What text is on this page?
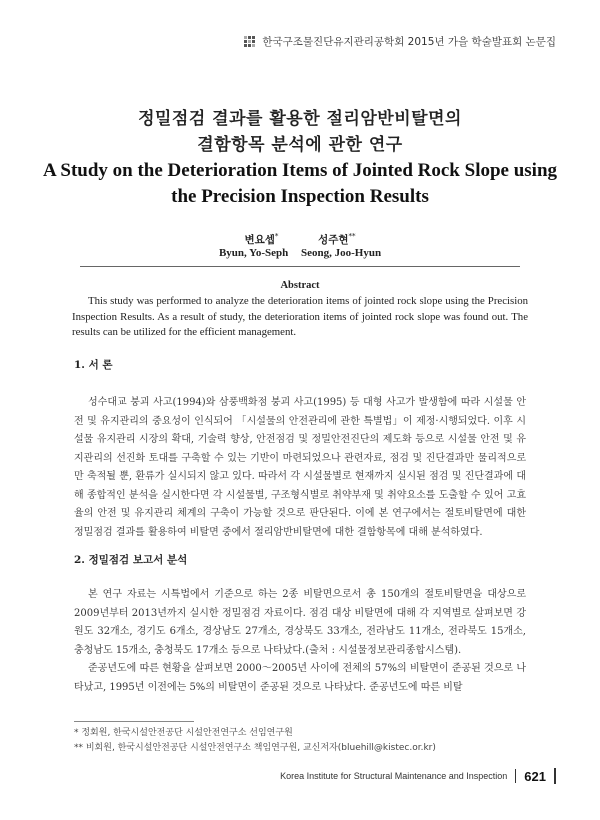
한국구조물진단유지관리공학회 2015년 가을 학술발표회 논문집
정밀점검 결과를 활용한 절리암반비탈면의
결함항목 분석에 관한 연구
A Study on the Deterioration Items of Jointed Rock Slope using the Precision Inspection Results
변요셉*	성주현**
Byun, Yo-Seph Seong, Joo-Hyun
Abstract
This study was performed to analyze the deterioration items of jointed rock slope using the Precision Inspection Results. As a result of study, the deterioration items of jointed rock slope was found out. The results can be utilized for the efficient management.
1. 서 론

성수대교 붕괴 사고(1994)와 삼풍백화점 붕괴 사고(1995) 등 대형 사고가 발생함에 따라 시설물 안전 및 유지관리의 중요성이 인식되어 「시설물의 안전관리에 관한 특별법」이 제정·시행되었다. 이후 시설물 유지관리 시장의 확대, 기술력 향상, 안전점검 및 정밀안전진단의 제도화 등으로 시설물 안전 및 유지관리의 선진화 토대를 구축할 수 있는 기반이 마련되었으나 관련자료, 점검 및 진단결과만 물리적으로만 축적될 뿐, 환류가 실시되지 않고 있다. 따라서 각 시설물별로 현재까지 실시된 점검 및 진단결과에 대해 종합적인 분석을 실시한다면 각 시설물별, 구조형식별로 취약부재 및 취약요소를 도출할 수 있어 고효율의 안전 및 유지관리 체계의 구축이 가능할 것으로 판단된다. 이에 본 연구에서는 절토비탈면에 대한 정밀점검 결과를 활용하여 비탈면 중에서 절리암반비탈면에 대한 결함항목에 대해 분석하였다.

2. 정밀점검 보고서 분석

본 연구 자료는 시특법에서 기준으로 하는 2종 비탈면으로서 총 150개의 절토비탈면을 대상으로 2009년부터 2013년까지 실시한 정밀점검 자료이다. 점검 대상 비탈면에 대해 각 지역별로 살펴보면 강원도 32개소, 경기도 6개소, 경상남도 27개소, 경상북도 33개소, 전라남도 11개소, 전라북도 15개소, 충청남도 15개소, 충청북도 17개소 등으로 나타났다.(출처 : 시설물정보관리종합시스템).

준공년도에 따른 현황을 살펴보면 2000～2005년 사이에 전체의 57%의 비탈면이 준공된 것으로 나타났고, 1995년 이전에는 5%의 비탈면이 준공된 것으로 나타났다. 준공년도에 따른 비탈

* 정회원, 한국시설안전공단 시설안전연구소 선임연구원
** 비회원, 한국시설안전공단 시설안전연구소 책임연구원, 교신저자(bluehill@kistec.or.kr)
Korea Institute for Structural Maintenance and Inspection 621
